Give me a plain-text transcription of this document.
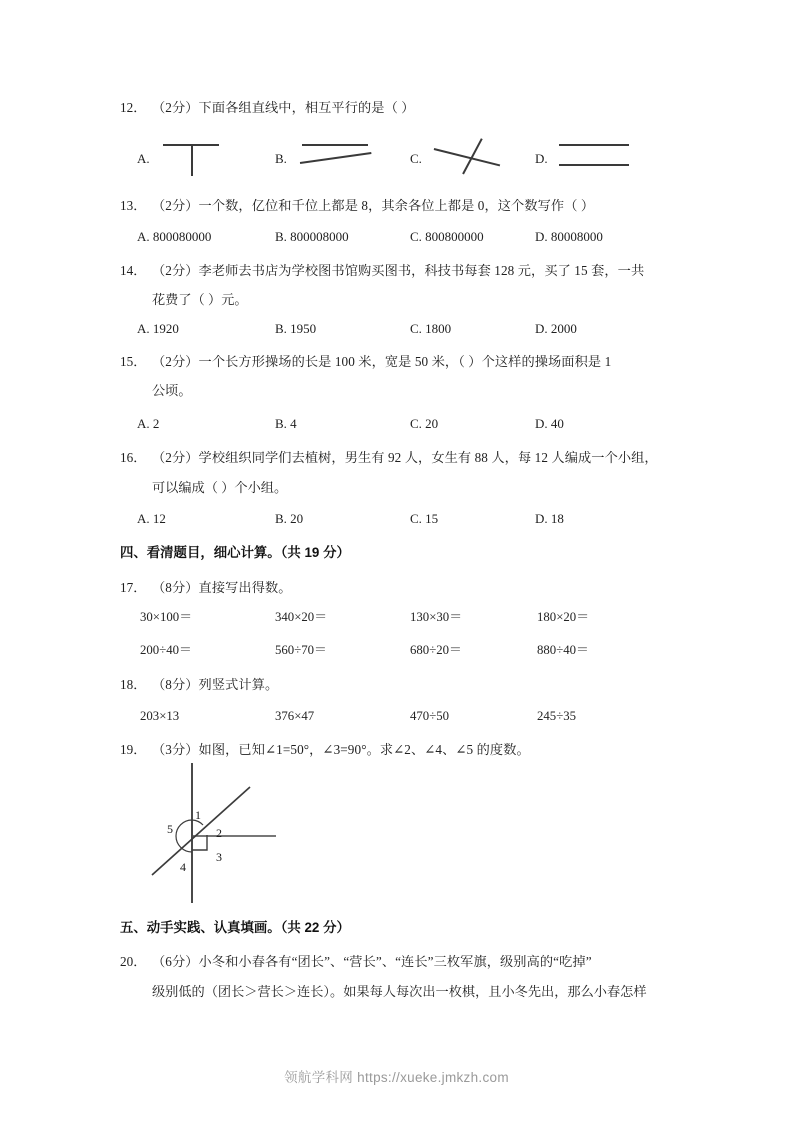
12． （2分）下面各组直线中，相互平行的是（ ）
A.	B.	C.	D.
13． （2分）一个数，亿位和千位上都是 8，其余各位上都是 0，这个数写作（ ）
A. 800080000	B. 800008000	C. 800800000	D. 80008000
14． （2分）李老师去书店为学校图书馆购买图书，科技书每套 128 元，买了 15 套，一共
花费了（ ）元。
A. 1920	B. 1950	C. 1800	D. 2000
15． （2分）一个长方形操场的长是 100 米，宽是 50 米，（ ）个这样的操场面积是 1
公顷。
A. 2	B. 4	C. 20	D. 40
16． （2分）学校组织同学们去植树，男生有 92 人，女生有 88 人，每 12 人编成一个小组，
可以编成（ ）个小组。
A. 12	B. 20	C. 15	D. 18
四、看清题目，细心计算。（共 19 分）
17． （8分）直接写出得数。
30×100＝	340×20＝	130×30＝	180×20＝
200÷40＝	560÷70＝	680÷20＝	880÷40＝
18． （8分）列竖式计算。
203×13	376×47	470÷50	245÷35
19． （3分）如图，已知∠1=50°，∠3=90°。求∠2、∠4、∠5 的度数。
1
2
3
4
5
五、动手实践、认真填画。（共 22 分）
20． （6分）小冬和小春各有“团长”、“营长”、“连长”三枚军旗，级别高的“吃掉”
级别低的（团长＞营长＞连长）。如果每人每次出一枚棋，且小冬先出，那么小春怎样
领航学科网 https://xueke.jmkzh.com
